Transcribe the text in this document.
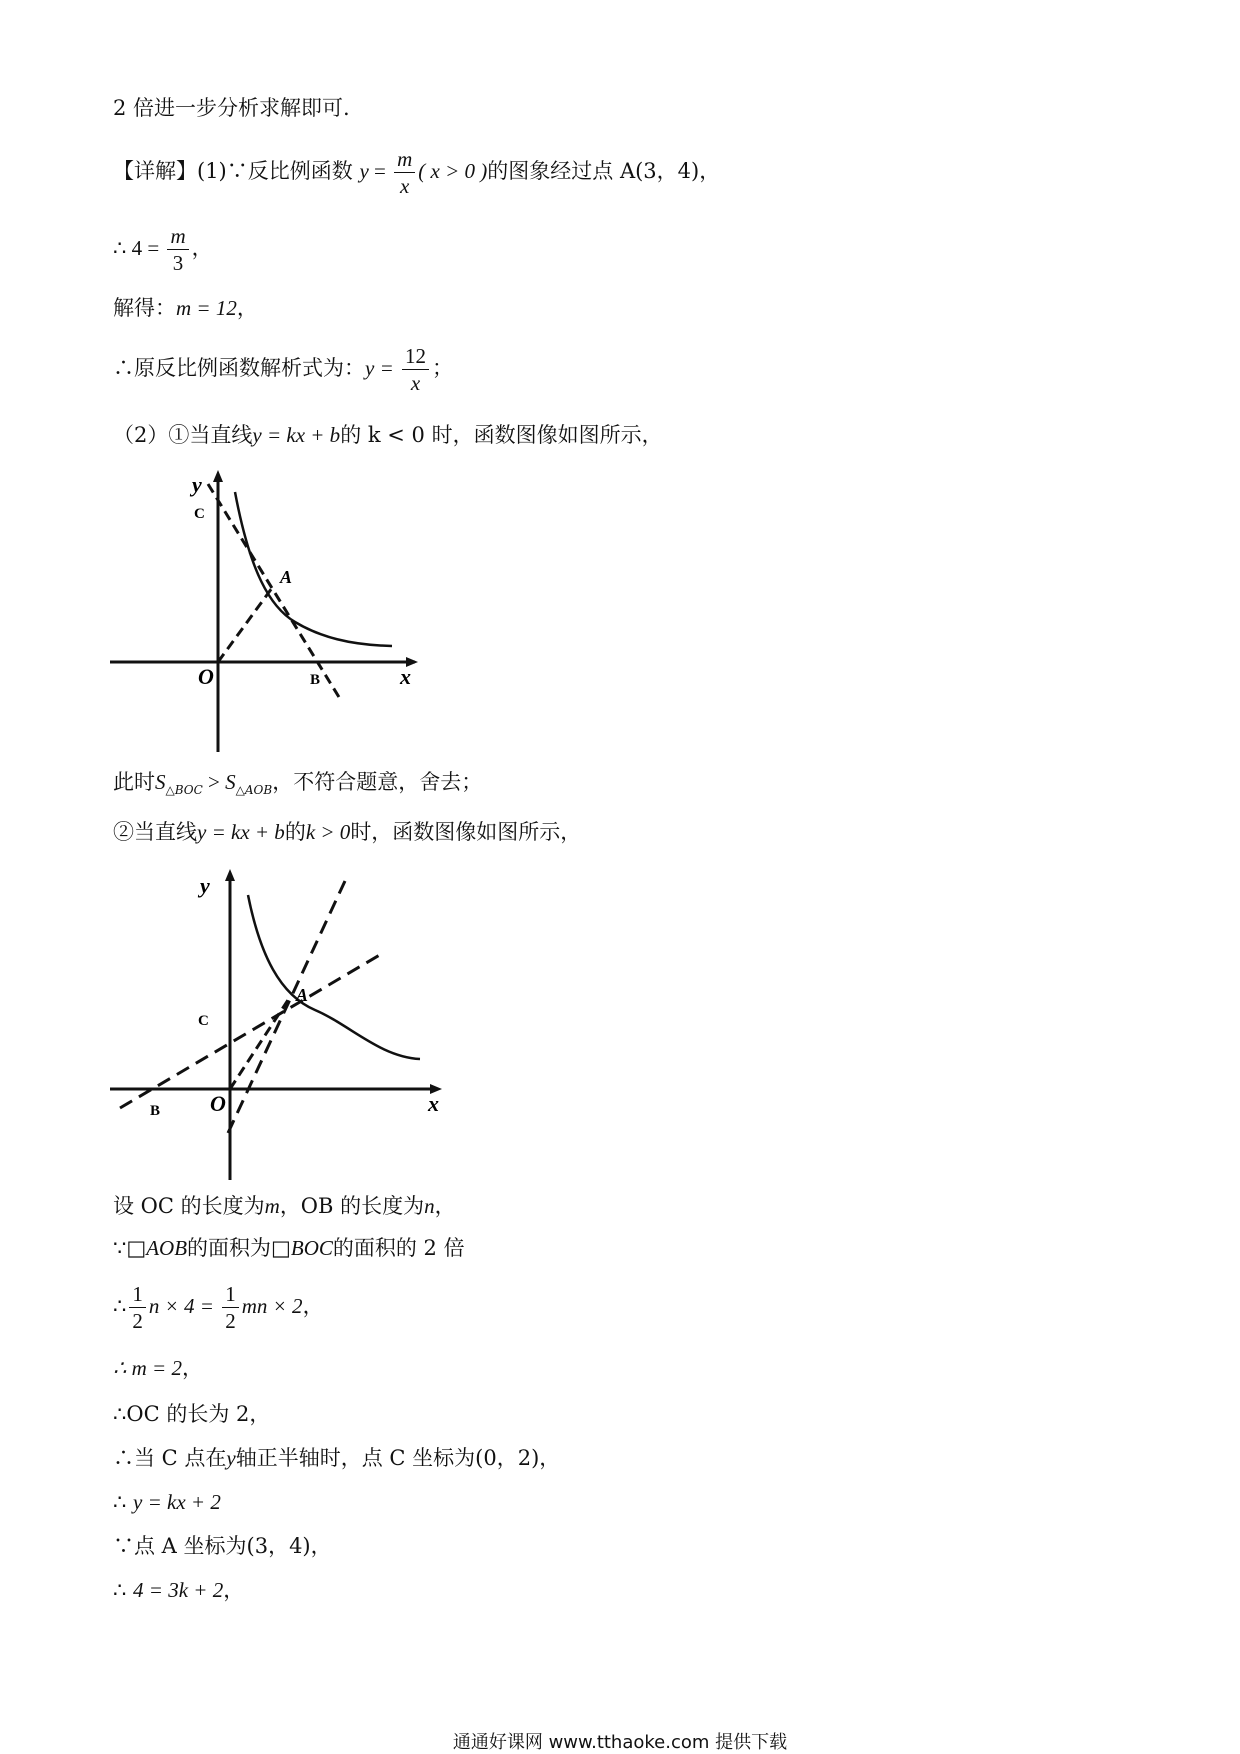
2 倍进一步分析求解即可.
【详解】(1)∵反比例函数 $y = \frac{m}{x}$ ( x > 0 )的图象经过点 A(3，4)，
∴ $4 = \frac{m}{3}$ ，
解得：m = 12，
∴原反比例函数解析式为：$y = \frac{12}{x}$ ；
（2）①当直线y = kx + b的 k < 0 时，函数图像如图所示，
y
C
A
O	B	x
此时$S_{\triangle BOC} > S_{\triangle AOB}$，不符合题意，舍去；
②当直线y = kx + b的k > 0时，函数图像如图所示，
y
C
A
O
B	x
设 OC 的长度为m，OB 的长度为n，
∵□AOB的面积为□BOC的面积的 2 倍
∴ $\frac{1}{2}$ $n \times 4 = \frac{1}{2}$ mn × 2，
∴ m = 2，
∴OC 的长为 2，
∴当 C 点在y轴正半轴时，点 C 坐标为(0，2)，
∴ y = kx + 2
∵点 A 坐标为(3，4)，
∴ 4 = 3k + 2，
通通好课网 www.tthaoke.com 提供下载
